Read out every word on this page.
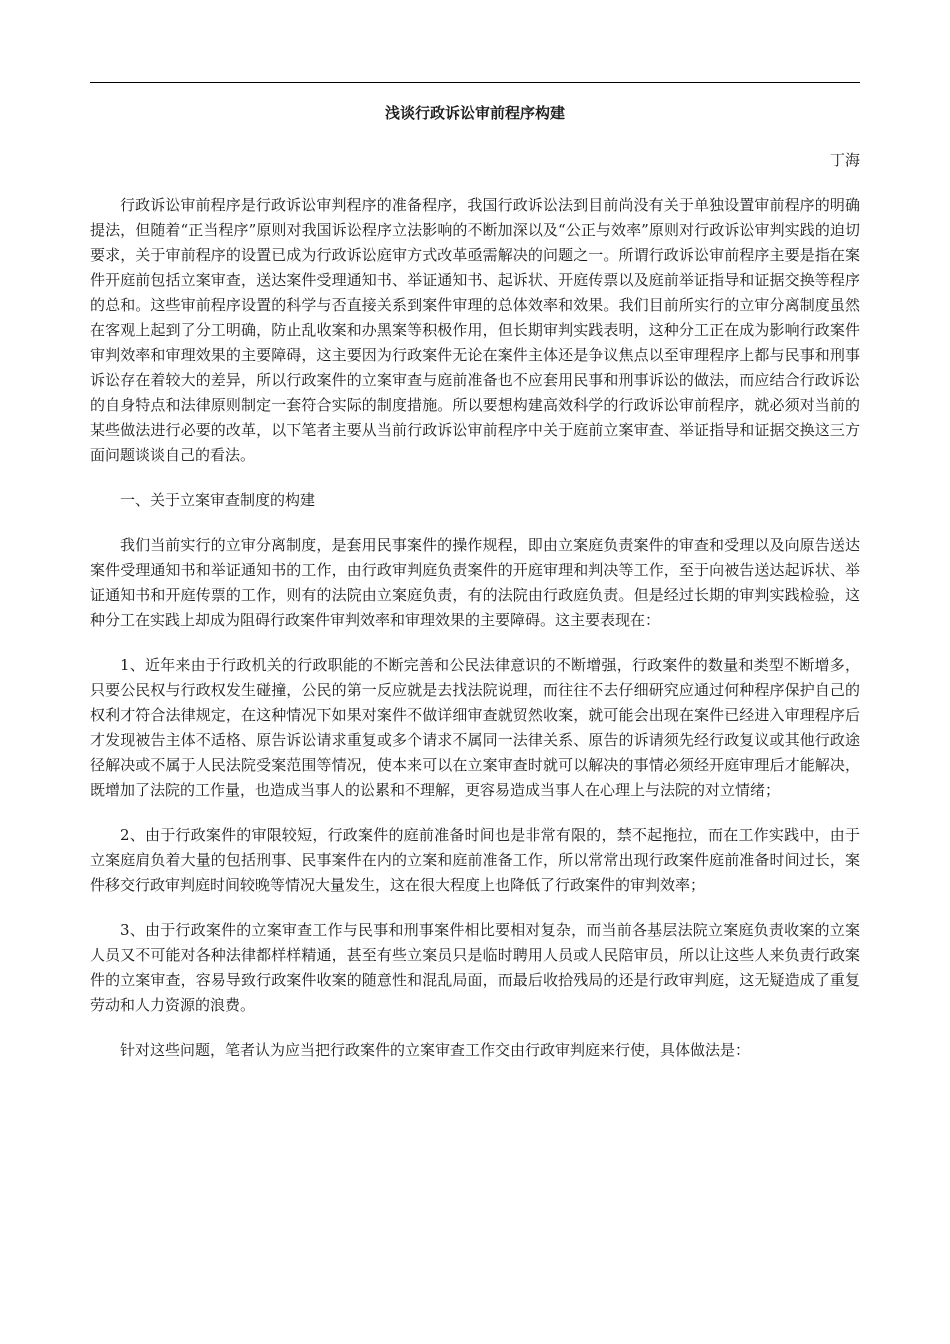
浅谈行政诉讼审前程序构建
丁海

行政诉讼审前程序是行政诉讼审判程序的准备程序，我国行政诉讼法到目前尚没有关于单独设置审前程序的明确提法，但随着“正当程序”原则对我国诉讼程序立法影响的不断加深以及“公正与效率”原则对行政诉讼审判实践的迫切要求，关于审前程序的设置已成为行政诉讼庭审方式改革亟需解决的问题之一。所谓行政诉讼审前程序主要是指在案件开庭前包括立案审查，送达案件受理通知书、举证通知书、起诉状、开庭传票以及庭前举证指导和证据交换等程序的总和。这些审前程序设置的科学与否直接关系到案件审理的总体效率和效果。我们目前所实行的立审分离制度虽然在客观上起到了分工明确，防止乱收案和办黑案等积极作用，但长期审判实践表明，这种分工正在成为影响行政案件审判效率和审理效果的主要障碍，这主要因为行政案件无论在案件主体还是争议焦点以至审理程序上都与民事和刑事诉讼存在着较大的差异，所以行政案件的立案审查与庭前准备也不应套用民事和刑事诉讼的做法，而应结合行政诉讼的自身特点和法律原则制定一套符合实际的制度措施。所以要想构建高效科学的行政诉讼审前程序，就必须对当前的某些做法进行必要的改革，以下笔者主要从当前行政诉讼审前程序中关于庭前立案审查、举证指导和证据交换这三方面问题谈谈自己的看法。

一、关于立案审查制度的构建

我们当前实行的立审分离制度，是套用民事案件的操作规程，即由立案庭负责案件的审查和受理以及向原告送达案件受理通知书和举证通知书的工作，由行政审判庭负责案件的开庭审理和判决等工作，至于向被告送达起诉状、举证通知书和开庭传票的工作，则有的法院由立案庭负责，有的法院由行政庭负责。但是经过长期的审判实践检验，这种分工在实践上却成为阻碍行政案件审判效率和审理效果的主要障碍。这主要表现在：

1、近年来由于行政机关的行政职能的不断完善和公民法律意识的不断增强，行政案件的数量和类型不断增多，只要公民权与行政权发生碰撞，公民的第一反应就是去找法院说理，而往往不去仔细研究应通过何种程序保护自己的权利才符合法律规定，在这种情况下如果对案件不做详细审查就贸然收案，就可能会出现在案件已经进入审理程序后才发现被告主体不适格、原告诉讼请求重复或多个请求不属同一法律关系、原告的诉请须先经行政复议或其他行政途径解决或不属于人民法院受案范围等情况，使本来可以在立案审查时就可以解决的事情必须经开庭审理后才能解决，既增加了法院的工作量，也造成当事人的讼累和不理解，更容易造成当事人在心理上与法院的对立情绪；

2、由于行政案件的审限较短，行政案件的庭前准备时间也是非常有限的，禁不起拖拉，而在工作实践中，由于立案庭肩负着大量的包括刑事、民事案件在内的立案和庭前准备工作，所以常常出现行政案件庭前准备时间过长，案件移交行政审判庭时间较晚等情况大量发生，这在很大程度上也降低了行政案件的审判效率；

3、由于行政案件的立案审查工作与民事和刑事案件相比要相对复杂，而当前各基层法院立案庭负责收案的立案人员又不可能对各种法律都样样精通，甚至有些立案员只是临时聘用人员或人民陪审员，所以让这些人来负责行政案件的立案审查，容易导致行政案件收案的随意性和混乱局面，而最后收拾残局的还是行政审判庭，这无疑造成了重复劳动和人力资源的浪费。

针对这些问题，笔者认为应当把行政案件的立案审查工作交由行政审判庭来行使，具体做法是：
